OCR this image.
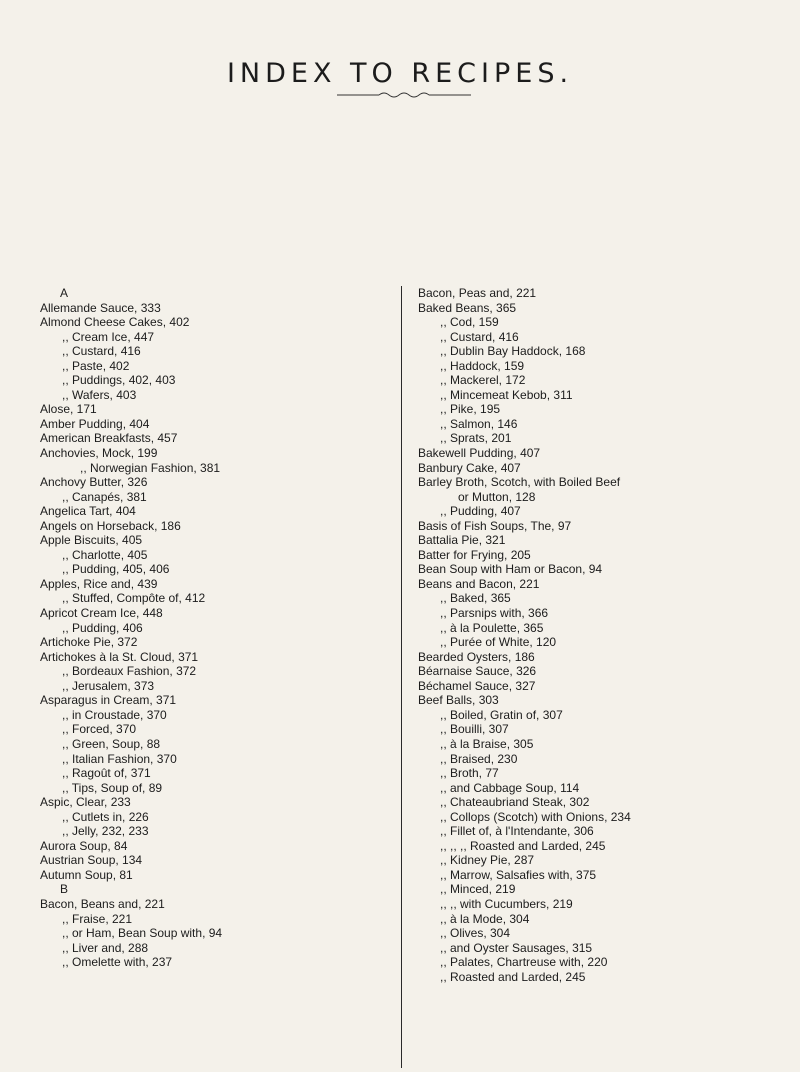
INDEX TO RECIPES.
A
Allemande Sauce, 333
Almond Cheese Cakes, 402
,, Cream Ice, 447
,, Custard, 416
,, Paste, 402
,, Puddings, 402, 403
,, Wafers, 403
Alose, 171
Amber Pudding, 404
American Breakfasts, 457
Anchovies, Mock, 199
,, Norwegian Fashion, 381
Anchovy Butter, 326
,, Canapés, 381
Angelica Tart, 404
Angels on Horseback, 186
Apple Biscuits, 405
,, Charlotte, 405
,, Pudding, 405, 406
Apples, Rice and, 439
,, Stuffed, Compôte of, 412
Apricot Cream Ice, 448
,, Pudding, 406
Artichoke Pie, 372
Artichokes à la St. Cloud, 371
,, Bordeaux Fashion, 372
,, Jerusalem, 373
Asparagus in Cream, 371
,, in Croustade, 370
,, Forced, 370
,, Green, Soup, 88
,, Italian Fashion, 370
,, Ragoût of, 371
,, Tips, Soup of, 89
Aspic, Clear, 233
,, Cutlets in, 226
,, Jelly, 232, 233
Aurora Soup, 84
Austrian Soup, 134
Autumn Soup, 81
B
Bacon, Beans and, 221
,, Fraise, 221
,, or Ham, Bean Soup with, 94
,, Liver and, 288
,, Omelette with, 237
Bacon, Peas and, 221
Baked Beans, 365
,, Cod, 159
,, Custard, 416
,, Dublin Bay Haddock, 168
,, Haddock, 159
,, Mackerel, 172
,, Mincemeat Kebob, 311
,, Pike, 195
,, Salmon, 146
,, Sprats, 201
Bakewell Pudding, 407
Banbury Cake, 407
Barley Broth, Scotch, with Boiled Beef
or Mutton, 128
,, Pudding, 407
Basis of Fish Soups, The, 97
Battalia Pie, 321
Batter for Frying, 205
Bean Soup with Ham or Bacon, 94
Beans and Bacon, 221
,, Baked, 365
,, Parsnips with, 366
,, à la Poulette, 365
,, Purée of White, 120
Bearded Oysters, 186
Béarnaise Sauce, 326
Béchamel Sauce, 327
Beef Balls, 303
,, Boiled, Gratin of, 307
,, Bouilli, 307
,, à la Braise, 305
,, Braised, 230
,, Broth, 77
,, and Cabbage Soup, 114
,, Chateaubriand Steak, 302
,, Collops (Scotch) with Onions, 234
,, Fillet of, à l'Intendante, 306
,, ,, ,, Roasted and Larded, 245
,, Kidney Pie, 287
,, Marrow, Salsafies with, 375
,, Minced, 219
,, ,, with Cucumbers, 219
,, à la Mode, 304
,, Olives, 304
,, and Oyster Sausages, 315
,, Palates, Chartreuse with, 220
,, Roasted and Larded, 245
